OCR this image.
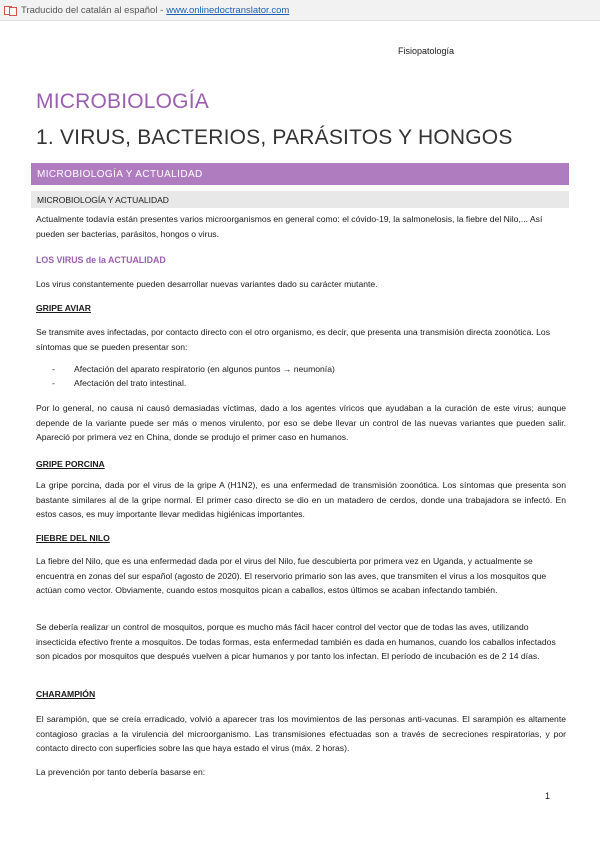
Traducido del catalán al español - www.onlinedoctranslator.com
Fisiopatología
MICROBIOLOGÍA
1. VIRUS, BACTERIOS, PARÁSITOS Y HONGOS
MICROBIOLOGÍA Y ACTUALIDAD
MICROBIOLOGÍA Y ACTUALIDAD
Actualmente todavía están presentes varios microorganismos en general como: el cóvido-19, la salmonelosis, la fiebre del Nilo,... Así pueden ser bacterias, parásitos, hongos o virus.
LOS VIRUS de la ACTUALIDAD
Los virus constantemente pueden desarrollar nuevas variantes dado su carácter mutante.
GRIPE AVIAR
Se transmite aves infectadas, por contacto directo con el otro organismo, es decir, que presenta una transmisión directa zoonótica. Los síntomas que se pueden presentar son:
- Afectación del aparato respiratorio (en algunos puntos → neumonía)
- Afectación del trato intestinal.
Por lo general, no causa ni causó demasiadas víctimas, dado a los agentes víricos que ayudaban a la curación de este virus; aunque depende de la variante puede ser más o menos virulento, por eso se debe llevar un control de las nuevas variantes que pueden salir. Apareció por primera vez en China, donde se produjo el primer caso en humanos.
GRIPE PORCINA
La gripe porcina, dada por el virus de la gripe A (H1N2), es una enfermedad de transmisión zoonótica. Los síntomas que presenta son bastante similares al de la gripe normal. El primer caso directo se dio en un matadero de cerdos, donde una trabajadora se infectó. En estos casos, es muy importante llevar medidas higiénicas importantes.
FIEBRE DEL NILO
La fiebre del Nilo, que es una enfermedad dada por el virus del Nilo, fue descubierta por primera vez en Uganda, y actualmente se encuentra en zonas del sur español (agosto de 2020). El reservorio primario son las aves, que transmiten el virus a los mosquitos que actúan como vector. Obviamente, cuando estos mosquitos pican a caballos, estos últimos se acaban infectando también.
Se debería realizar un control de mosquitos, porque es mucho más fácil hacer control del vector que de todas las aves, utilizando insecticida efectivo frente a mosquitos. De todas formas, esta enfermedad también es dada en humanos, cuando los caballos infectados son picados por mosquitos que después vuelven a picar humanos y por tanto los infectan. El período de incubación es de 2 14 días.
CHARAMPIÓN
El sarampión, que se creía erradicado, volvió a aparecer tras los movimientos de las personas anti-vacunas. El sarampión es altamente contagioso gracias a la virulencia del microorganismo. Las transmisiones efectuadas son a través de secreciones respiratorias, y por contacto directo con superficies sobre las que haya estado el virus (máx. 2 horas).
La prevención por tanto debería basarse en:
1
